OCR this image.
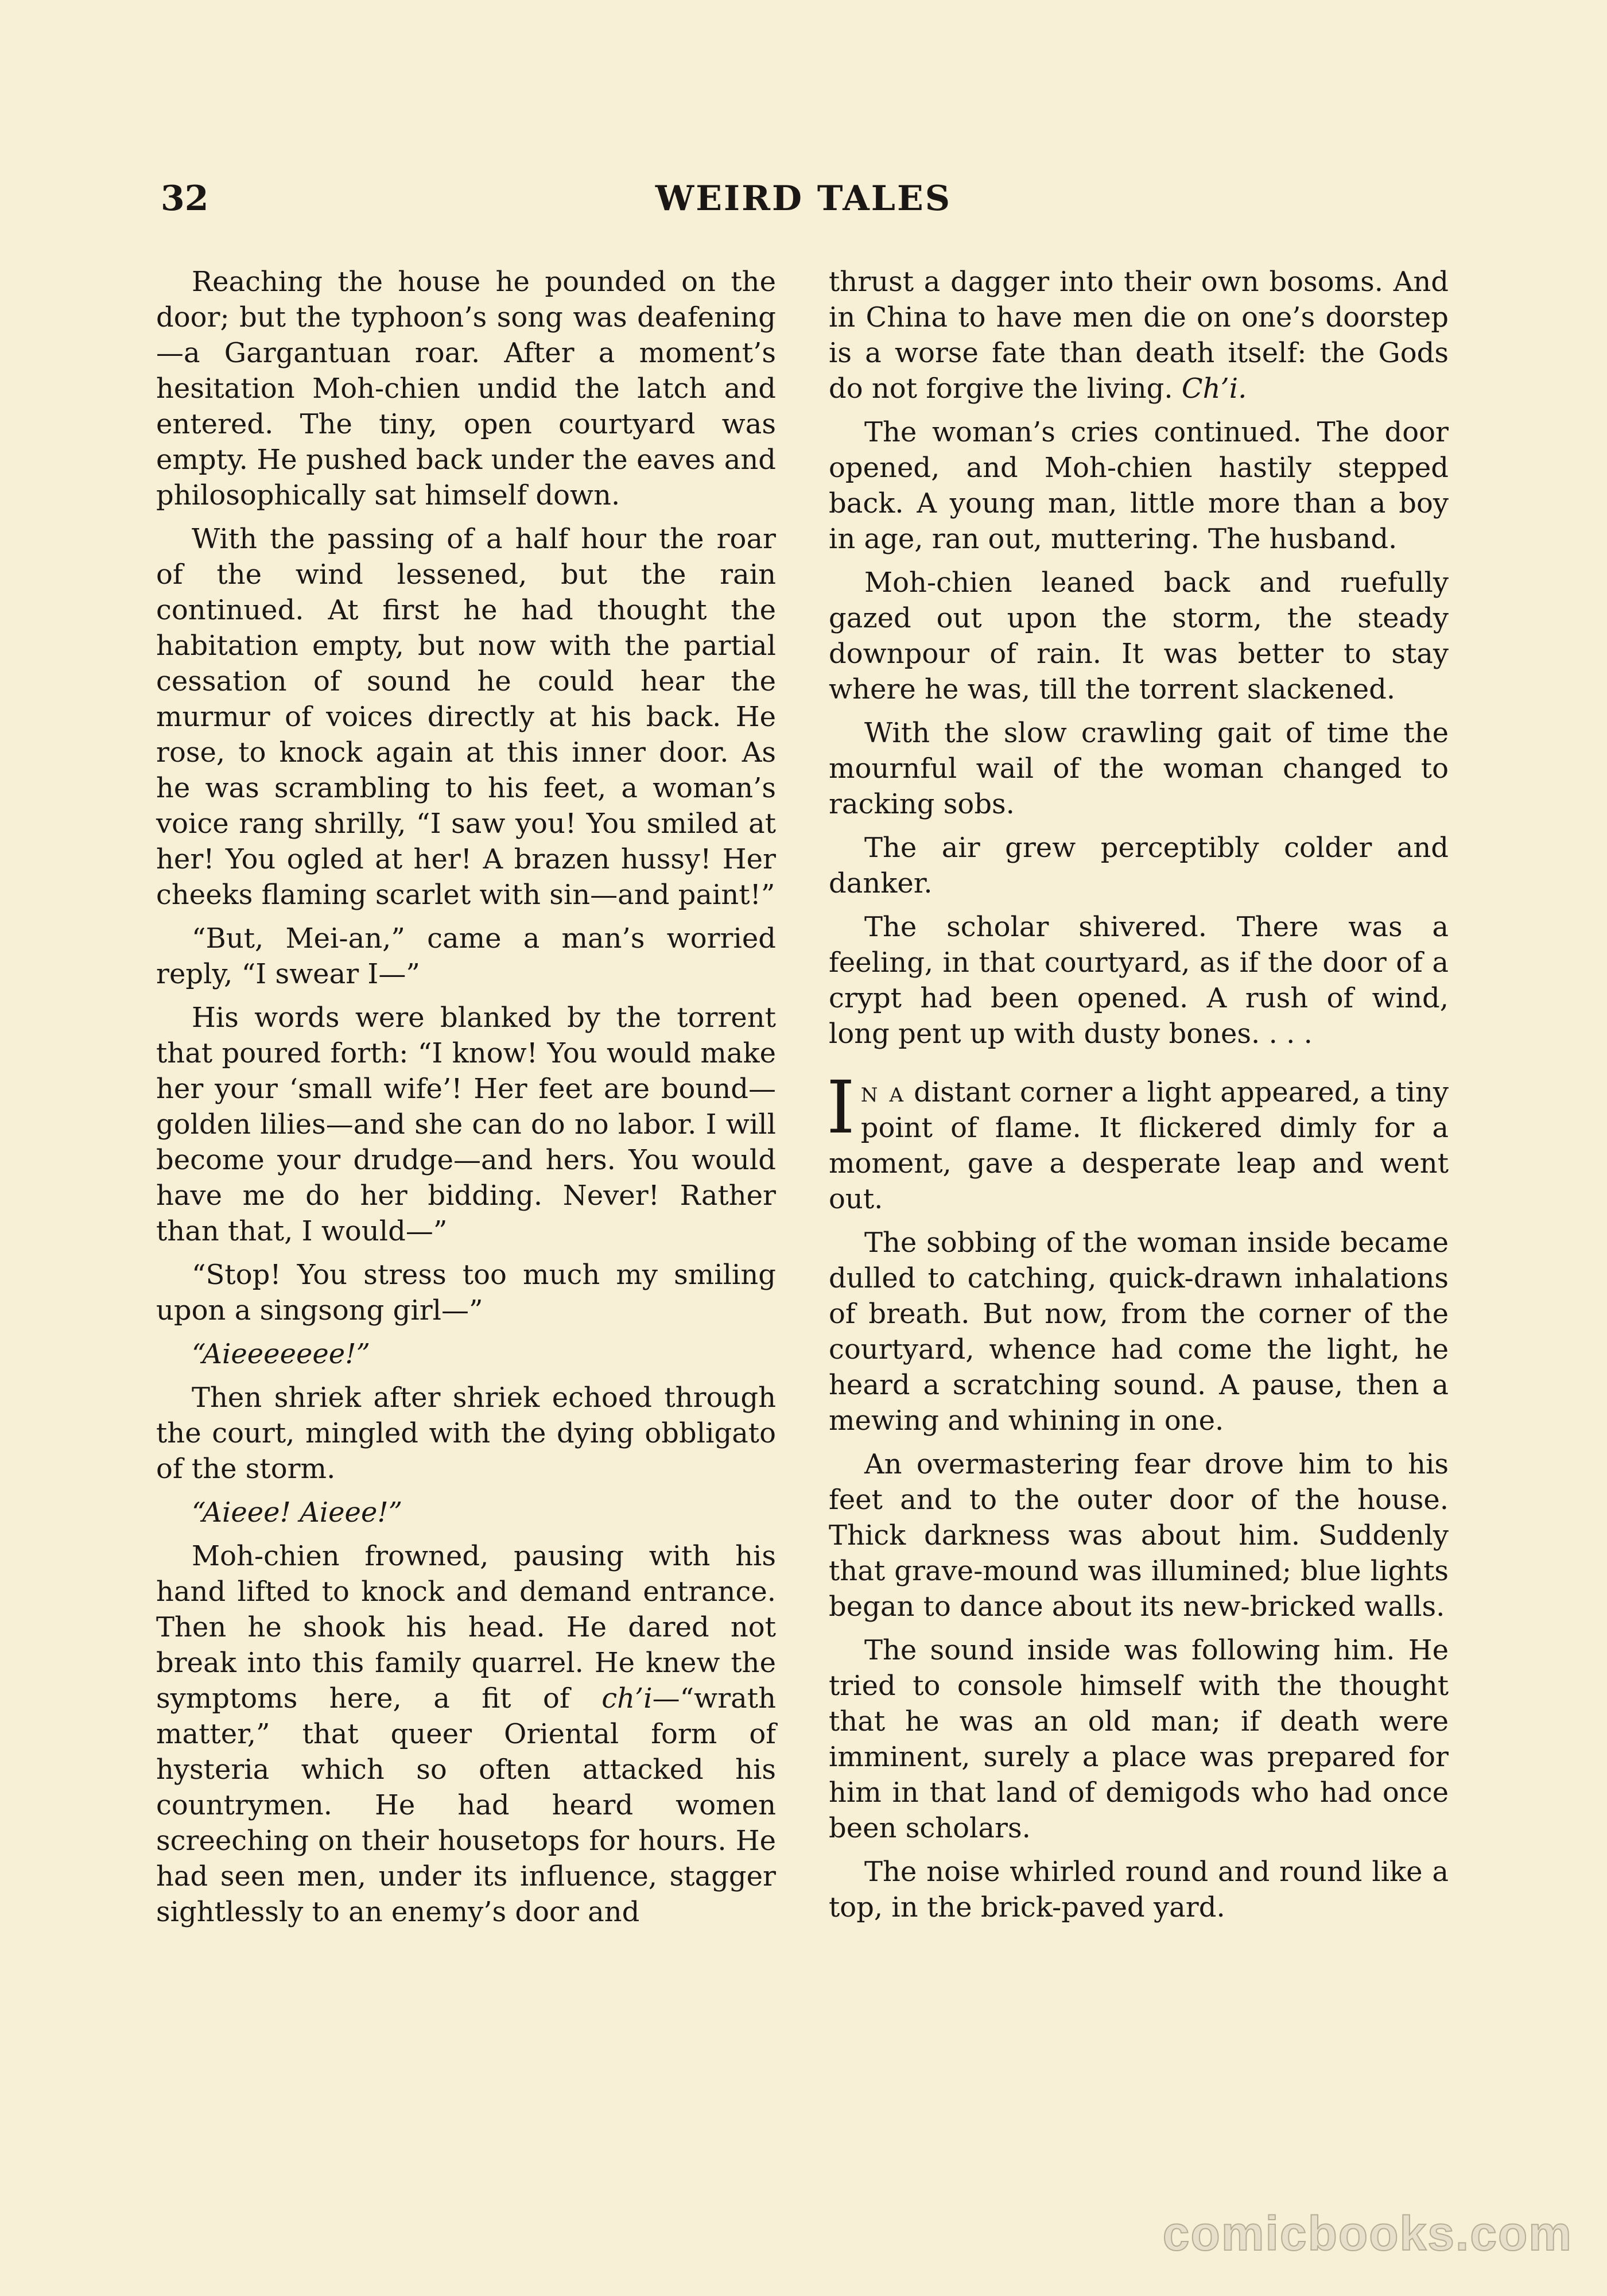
32	WEIRD TALES

Reaching the house he pounded on the door; but the typhoon’s song was deafening—a Gargantuan roar. After a moment’s hesitation Moh-chien undid the latch and entered. The tiny, open courtyard was empty. He pushed back under the eaves and philosophically sat himself down.

With the passing of a half hour the roar of the wind lessened, but the rain continued. At first he had thought the habitation empty, but now with the partial cessation of sound he could hear the murmur of voices directly at his back. He rose, to knock again at this inner door. As he was scrambling to his feet, a woman’s voice rang shrilly, “I saw you! You smiled at her! You ogled at her! A brazen hussy! Her cheeks flaming scarlet with sin—and paint!”

“But, Mei-an,” came a man’s worried reply, “I swear I—”

His words were blanked by the torrent that poured forth: “I know! You would make her your ‘small wife’! Her feet are bound—golden lilies—and she can do no labor. I will become your drudge—and hers. You would have me do her bidding. Never! Rather than that, I would—”

“Stop! You stress too much my smiling upon a singsong girl—”

“Aieeeeeee!”

Then shriek after shriek echoed through the court, mingled with the dying obbligato of the storm.

“Aieee! Aieee!”

Moh-chien frowned, pausing with his hand lifted to knock and demand entrance. Then he shook his head. He dared not break into this family quarrel. He knew the symptoms here, a fit of ch’i—“wrath matter,” that queer Oriental form of hysteria which so often attacked his countrymen. He had heard women screeching on their housetops for hours. He had seen men, under its influence, stagger sightlessly to an enemy’s door and

thrust a dagger into their own bosoms. And in China to have men die on one’s doorstep is a worse fate than death itself: the Gods do not forgive the living. Ch’i.

The woman’s cries continued. The door opened, and Moh-chien hastily stepped back. A young man, little more than a boy in age, ran out, muttering. The husband.

Moh-chien leaned back and ruefully gazed out upon the storm, the steady downpour of rain. It was better to stay where he was, till the torrent slackened.

With the slow crawling gait of time the mournful wail of the woman changed to racking sobs.

The air grew perceptibly colder and danker.

The scholar shivered. There was a feeling, in that courtyard, as if the door of a crypt had been opened. A rush of wind, long pent up with dusty bones. . . .

In a distant corner a light appeared, a tiny point of flame. It flickered dimly for a moment, gave a desperate leap and went out.

The sobbing of the woman inside became dulled to catching, quick-drawn inhalations of breath. But now, from the corner of the courtyard, whence had come the light, he heard a scratching sound. A pause, then a mewing and whining in one.

An overmastering fear drove him to his feet and to the outer door of the house. Thick darkness was about him. Suddenly that grave-mound was illumined; blue lights began to dance about its new-bricked walls.

The sound inside was following him. He tried to console himself with the thought that he was an old man; if death were imminent, surely a place was prepared for him in that land of demigods who had once been scholars.

The noise whirled round and round like a top, in the brick-paved yard.

comicbooks.com
